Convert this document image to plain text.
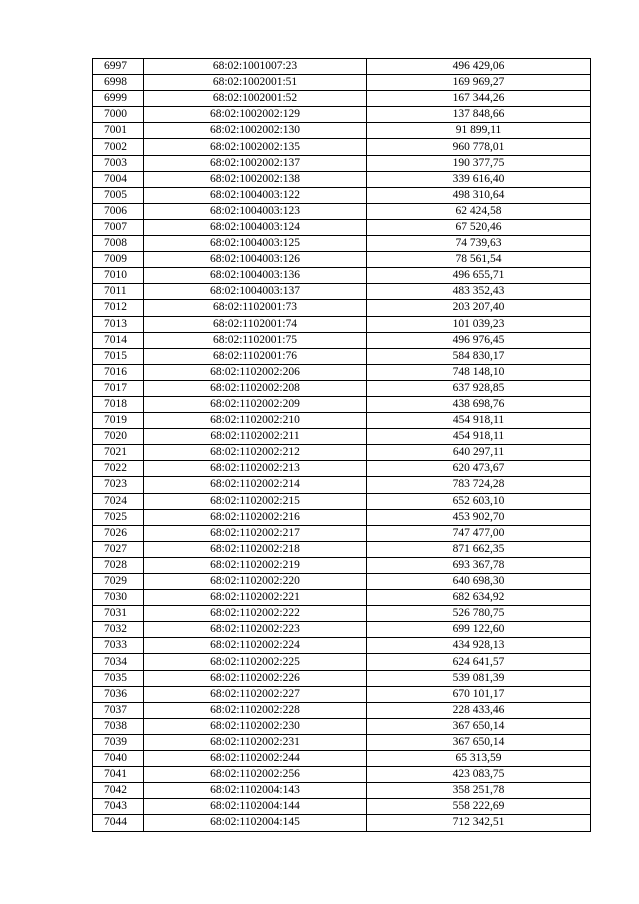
6997	68:02:1001007:23	496 429,06
6998	68:02:1002001:51	169 969,27
6999	68:02:1002001:52	167 344,26
7000	68:02:1002002:129	137 848,66
7001	68:02:1002002:130	91 899,11
7002	68:02:1002002:135	960 778,01
7003	68:02:1002002:137	190 377,75
7004	68:02:1002002:138	339 616,40
7005	68:02:1004003:122	498 310,64
7006	68:02:1004003:123	62 424,58
7007	68:02:1004003:124	67 520,46
7008	68:02:1004003:125	74 739,63
7009	68:02:1004003:126	78 561,54
7010	68:02:1004003:136	496 655,71
7011	68:02:1004003:137	483 352,43
7012	68:02:1102001:73	203 207,40
7013	68:02:1102001:74	101 039,23
7014	68:02:1102001:75	496 976,45
7015	68:02:1102001:76	584 830,17
7016	68:02:1102002:206	748 148,10
7017	68:02:1102002:208	637 928,85
7018	68:02:1102002:209	438 698,76
7019	68:02:1102002:210	454 918,11
7020	68:02:1102002:211	454 918,11
7021	68:02:1102002:212	640 297,11
7022	68:02:1102002:213	620 473,67
7023	68:02:1102002:214	783 724,28
7024	68:02:1102002:215	652 603,10
7025	68:02:1102002:216	453 902,70
7026	68:02:1102002:217	747 477,00
7027	68:02:1102002:218	871 662,35
7028	68:02:1102002:219	693 367,78
7029	68:02:1102002:220	640 698,30
7030	68:02:1102002:221	682 634,92
7031	68:02:1102002:222	526 780,75
7032	68:02:1102002:223	699 122,60
7033	68:02:1102002:224	434 928,13
7034	68:02:1102002:225	624 641,57
7035	68:02:1102002:226	539 081,39
7036	68:02:1102002:227	670 101,17
7037	68:02:1102002:228	228 433,46
7038	68:02:1102002:230	367 650,14
7039	68:02:1102002:231	367 650,14
7040	68:02:1102002:244	65 313,59
7041	68:02:1102002:256	423 083,75
7042	68:02:1102004:143	358 251,78
7043	68:02:1102004:144	558 222,69
7044	68:02:1102004:145	712 342,51
